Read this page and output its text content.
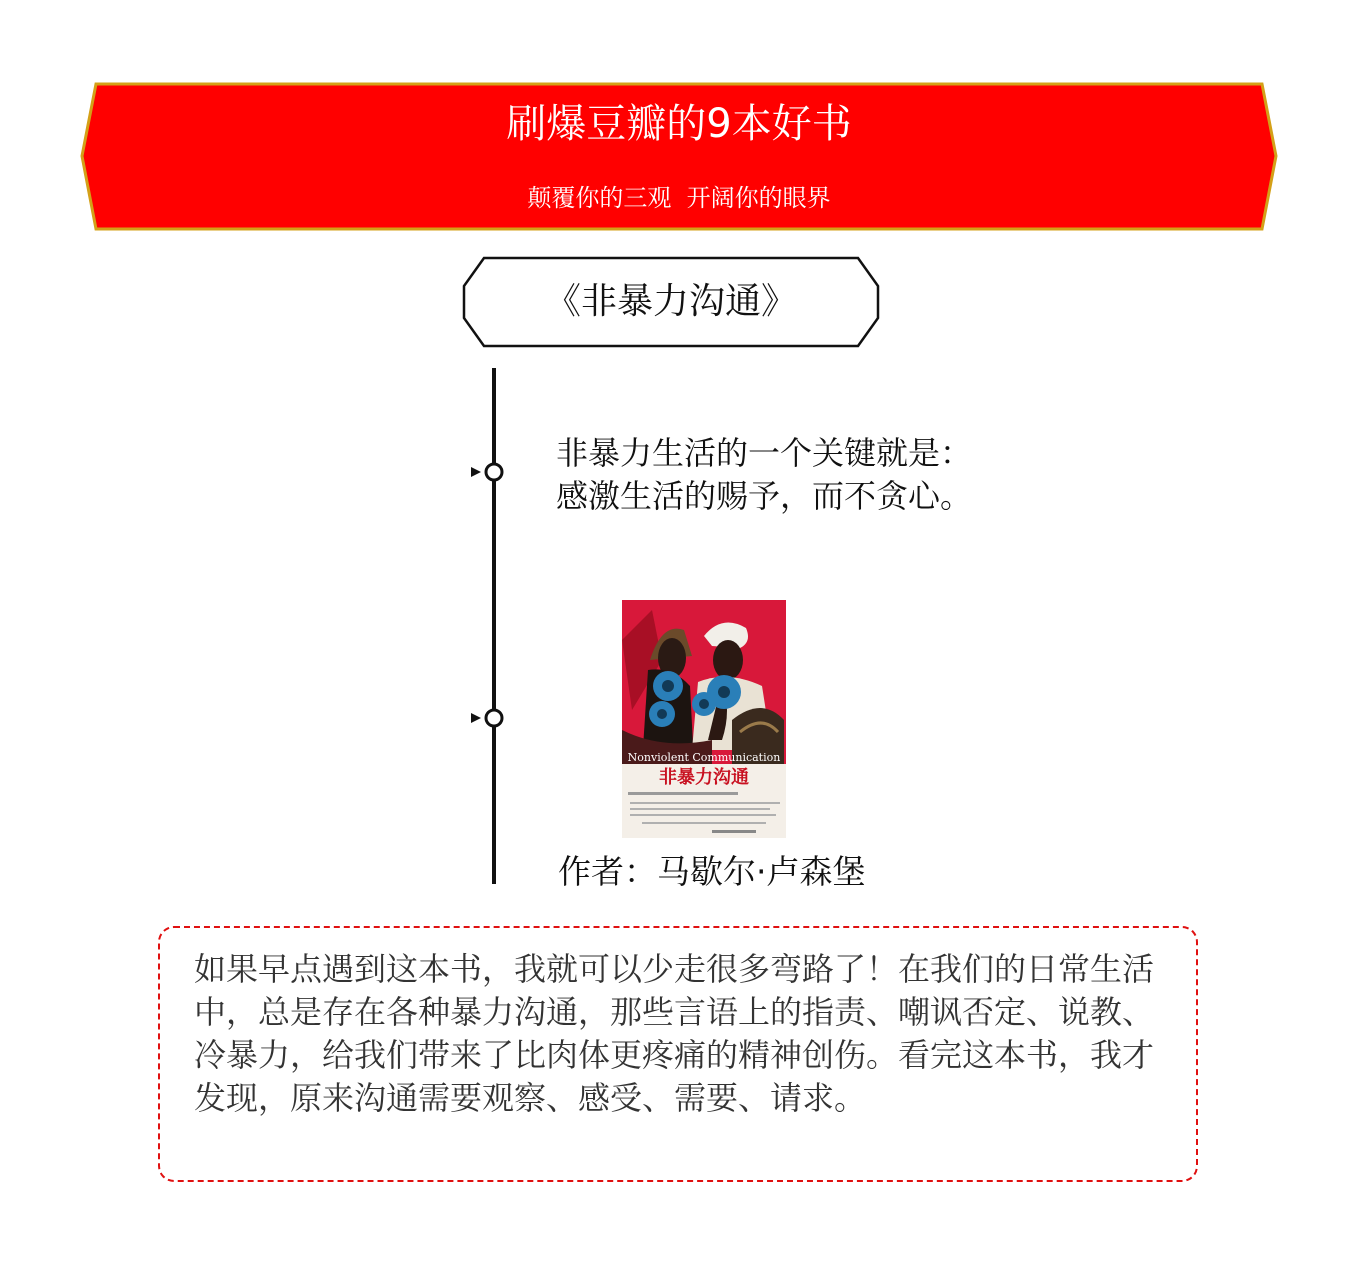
刷爆豆瓣的9本好书
颠覆你的三观  开阔你的眼界
《非暴力沟通》
非暴力生活的一个关键就是：
感激生活的赐予，而不贪心。
Nonviolent Communication
非暴力沟通
作者：马歇尔·卢森堡
如果早点遇到这本书，我就可以少走很多弯路了！在我们的日常生活中，总是存在各种暴力沟通，那些言语上的指责、嘲讽否定、说教、冷暴力，给我们带来了比肉体更疼痛的精神创伤。看完这本书，我才发现，原来沟通需要观察、感受、需要、请求。
